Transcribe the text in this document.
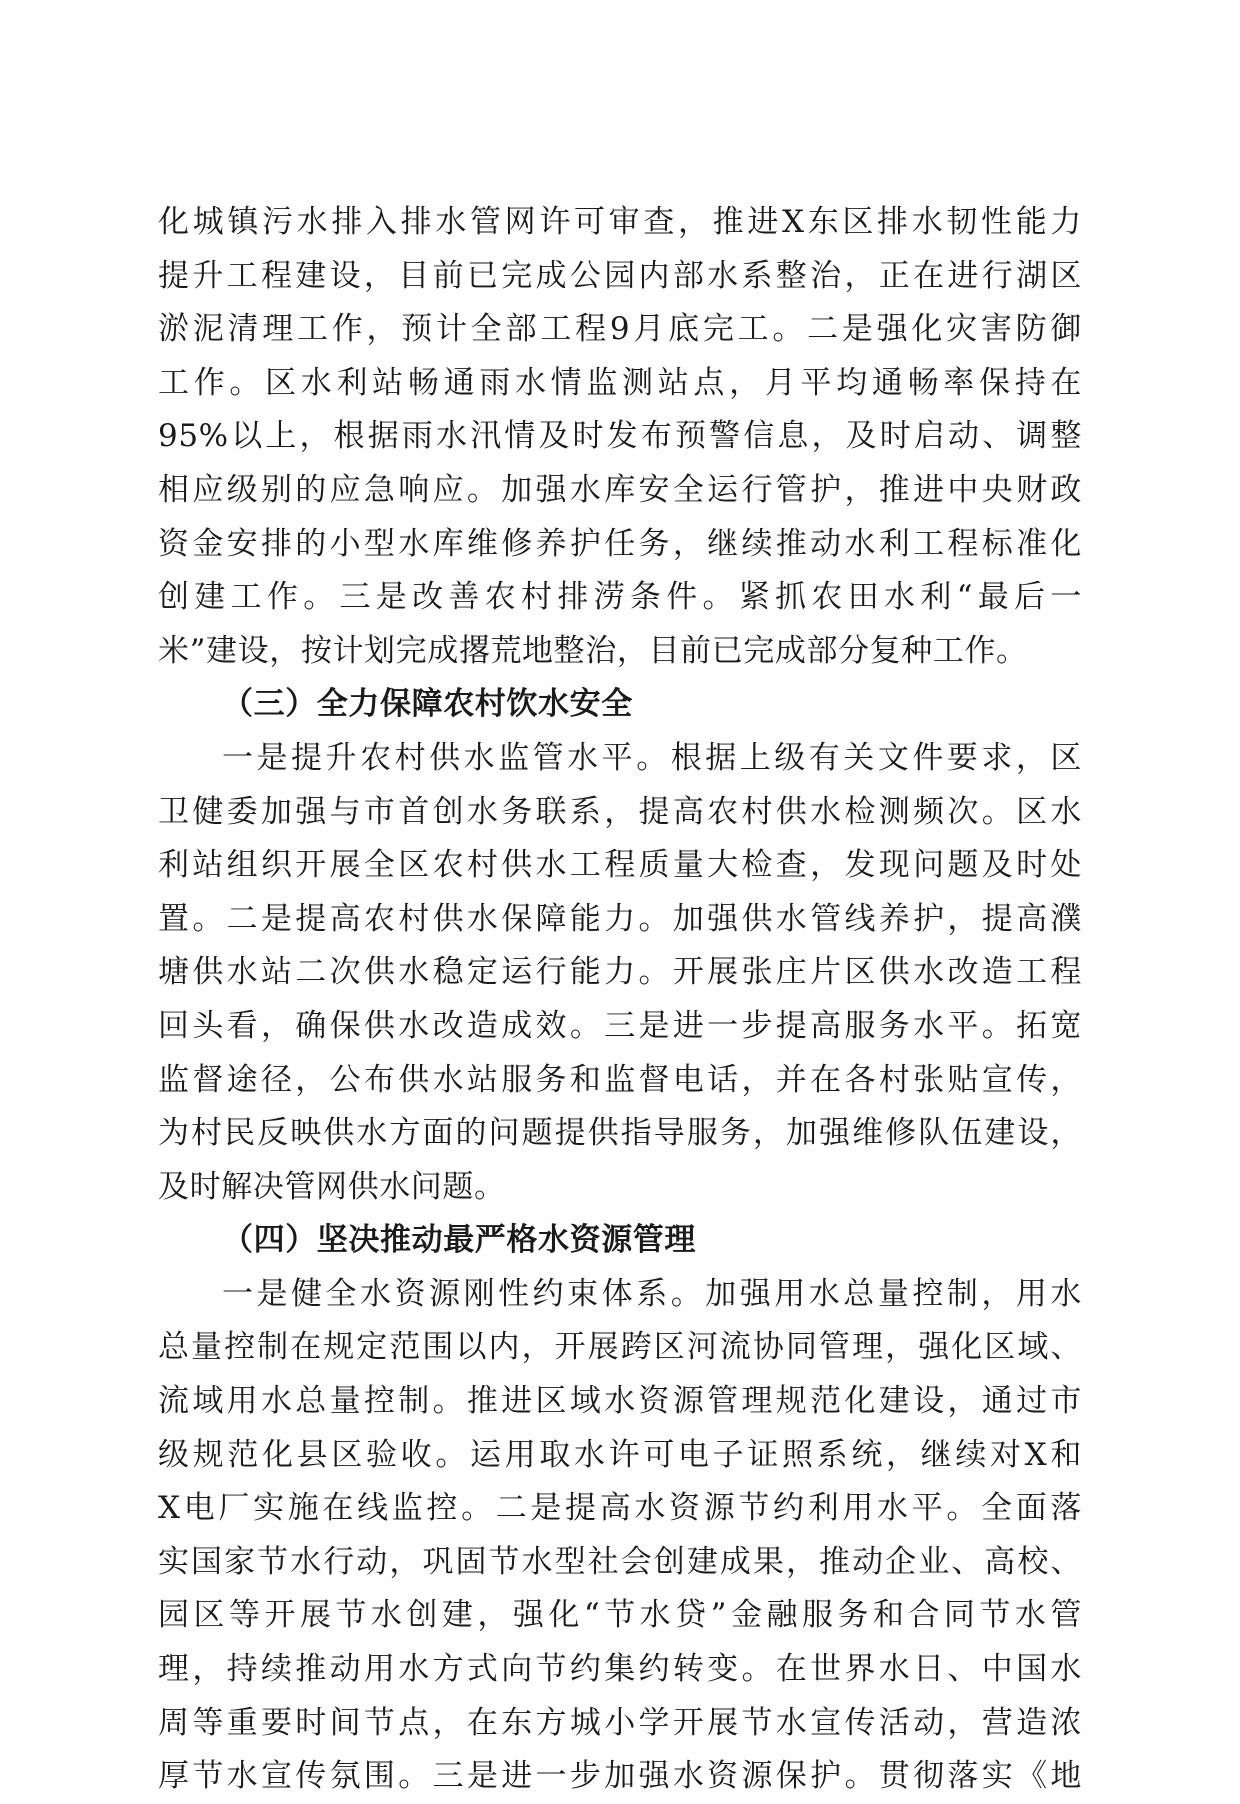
化城镇污水排入排水管网许可审查，推进X东区排水韧性能力
提升工程建设，目前已完成公园内部水系整治，正在进行湖区
淤泥清理工作，预计全部工程9月底完工。二是强化灾害防御
工作。区水利站畅通雨水情监测站点，月平均通畅率保持在
95%以上，根据雨水汛情及时发布预警信息，及时启动、调整
相应级别的应急响应。加强水库安全运行管护，推进中央财政
资金安排的小型水库维修养护任务，继续推动水利工程标准化
创建工作。三是改善农村排涝条件。紧抓农田水利“最后一
米”建设，按计划完成撂荒地整治，目前已完成部分复种工作。
（三）全力保障农村饮水安全
一是提升农村供水监管水平。根据上级有关文件要求，区
卫健委加强与市首创水务联系，提高农村供水检测频次。区水
利站组织开展全区农村供水工程质量大检查，发现问题及时处
置。二是提高农村供水保障能力。加强供水管线养护，提高濮
塘供水站二次供水稳定运行能力。开展张庄片区供水改造工程
回头看，确保供水改造成效。三是进一步提高服务水平。拓宽
监督途径，公布供水站服务和监督电话，并在各村张贴宣传，
为村民反映供水方面的问题提供指导服务，加强维修队伍建设，
及时解决管网供水问题。
（四）坚决推动最严格水资源管理
一是健全水资源刚性约束体系。加强用水总量控制，用水
总量控制在规定范围以内，开展跨区河流协同管理，强化区域、
流域用水总量控制。推进区域水资源管理规范化建设，通过市
级规范化县区验收。运用取水许可电子证照系统，继续对X和
X电厂实施在线监控。二是提高水资源节约利用水平。全面落
实国家节水行动，巩固节水型社会创建成果，推动企业、高校、
园区等开展节水创建，强化“节水贷”金融服务和合同节水管
理，持续推动用水方式向节约集约转变。在世界水日、中国水
周等重要时间节点，在东方城小学开展节水宣传活动，营造浓
厚节水宣传氛围。三是进一步加强水资源保护。贯彻落实《地
